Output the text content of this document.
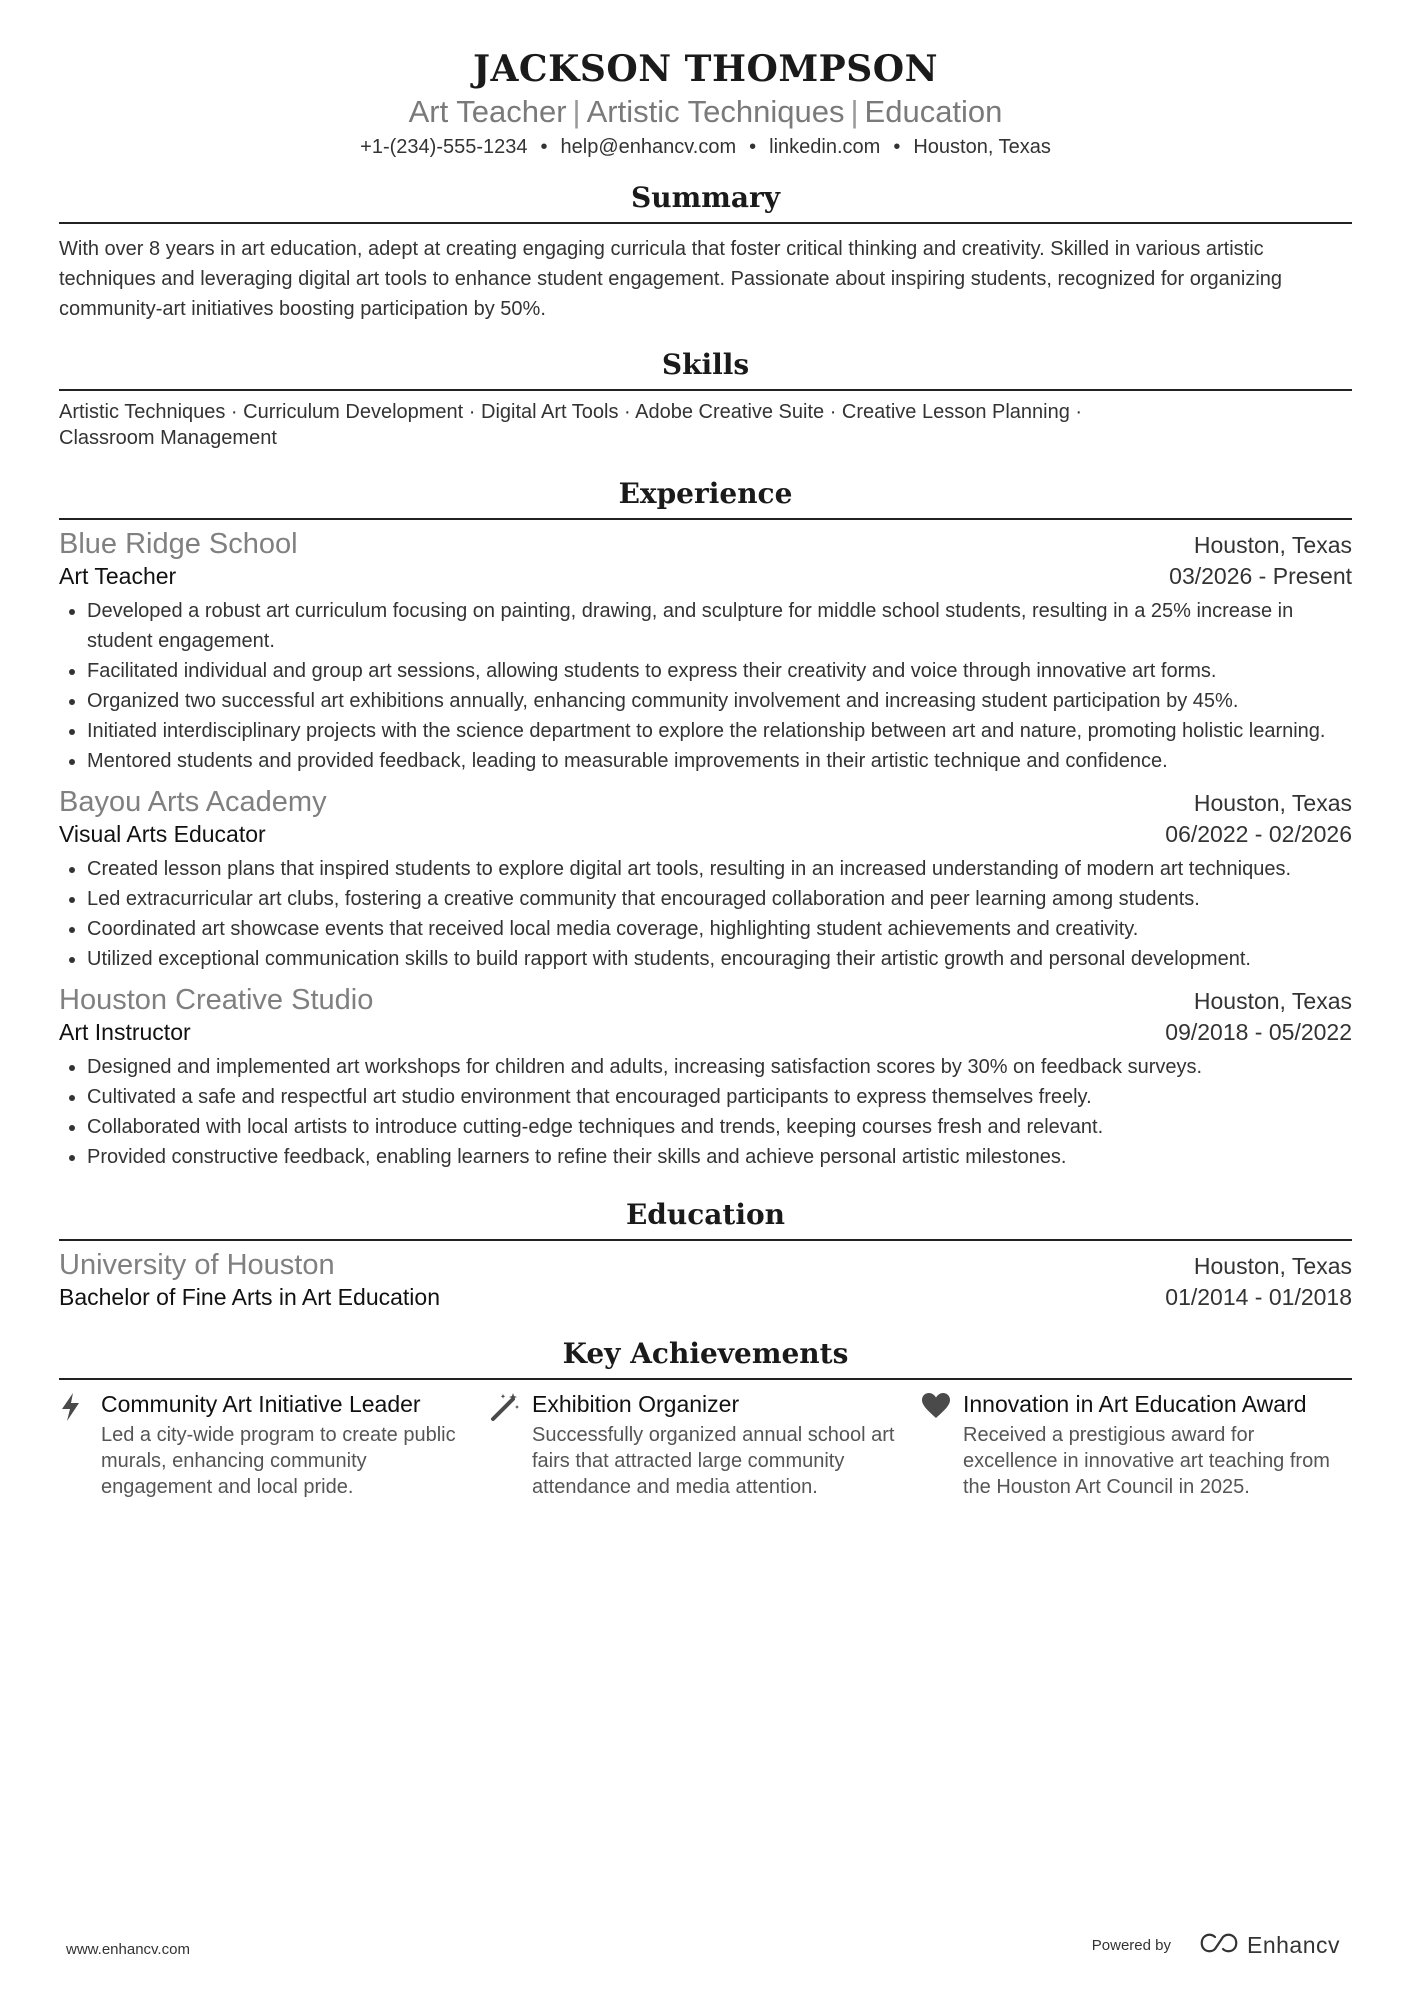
JACKSON THOMPSON
Art Teacher | Artistic Techniques | Education
+1-(234)-555-1234 • help@enhancv.com • linkedin.com • Houston, Texas
Summary
With over 8 years in art education, adept at creating engaging curricula that foster critical thinking and creativity. Skilled in various artistic techniques and leveraging digital art tools to enhance student engagement. Passionate about inspiring students, recognized for organizing community-art initiatives boosting participation by 50%.
Skills
Artistic Techniques · Curriculum Development · Digital Art Tools · Adobe Creative Suite · Creative Lesson Planning ·
Classroom Management
Experience
Blue Ridge School	Houston, Texas
Art Teacher	03/2026 - Present
• Developed a robust art curriculum focusing on painting, drawing, and sculpture for middle school students, resulting in a 25% increase in student engagement.
• Facilitated individual and group art sessions, allowing students to express their creativity and voice through innovative art forms.
• Organized two successful art exhibitions annually, enhancing community involvement and increasing student participation by 45%.
• Initiated interdisciplinary projects with the science department to explore the relationship between art and nature, promoting holistic learning.
• Mentored students and provided feedback, leading to measurable improvements in their artistic technique and confidence.
Bayou Arts Academy	Houston, Texas
Visual Arts Educator	06/2022 - 02/2026
• Created lesson plans that inspired students to explore digital art tools, resulting in an increased understanding of modern art techniques.
• Led extracurricular art clubs, fostering a creative community that encouraged collaboration and peer learning among students.
• Coordinated art showcase events that received local media coverage, highlighting student achievements and creativity.
• Utilized exceptional communication skills to build rapport with students, encouraging their artistic growth and personal development.
Houston Creative Studio	Houston, Texas
Art Instructor	09/2018 - 05/2022
• Designed and implemented art workshops for children and adults, increasing satisfaction scores by 30% on feedback surveys.
• Cultivated a safe and respectful art studio environment that encouraged participants to express themselves freely.
• Collaborated with local artists to introduce cutting-edge techniques and trends, keeping courses fresh and relevant.
• Provided constructive feedback, enabling learners to refine their skills and achieve personal artistic milestones.
Education
University of Houston	Houston, Texas
Bachelor of Fine Arts in Art Education	01/2014 - 01/2018
Key Achievements
Community Art Initiative Leader
Led a city-wide program to create public murals, enhancing community engagement and local pride.
Exhibition Organizer
Successfully organized annual school art fairs that attracted large community attendance and media attention.
Innovation in Art Education Award
Received a prestigious award for excellence in innovative art teaching from the Houston Art Council in 2025.
www.enhancv.com	Powered by	Enhancv
